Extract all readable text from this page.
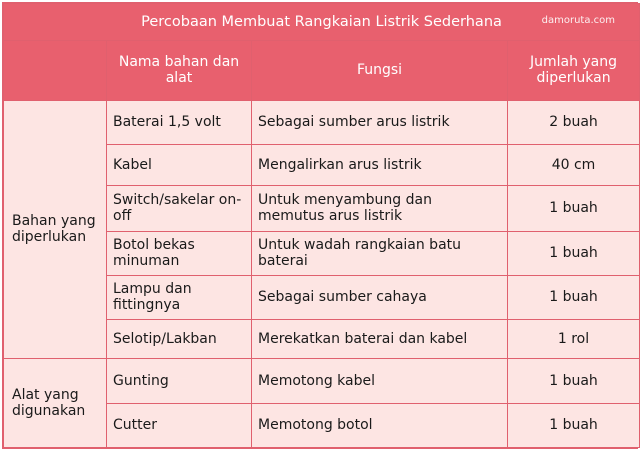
damoruta.com
Percobaan Membuat Rangkaian Listrik Sederhana			
	Nama bahan dan alat	Fungsi	Jumlah yang diperlukan
Bahan yang diperlukan	Baterai 1,5 volt	Sebagai sumber arus listrik	2 buah
	Kabel	Mengalirkan arus listrik	40 cm
	Switch/sakelar on-off	Untuk menyambung dan memutus arus listrik	1 buah
	Botol bekas minuman	Untuk wadah rangkaian batu baterai	1 buah
	Lampu dan fittingnya	Sebagai sumber cahaya	1 buah
	Selotip/Lakban	Merekatkan baterai dan kabel	1 rol
Alat yang digunakan	Gunting	Memotong kabel	1 buah
	Cutter	Memotong botol	1 buah
